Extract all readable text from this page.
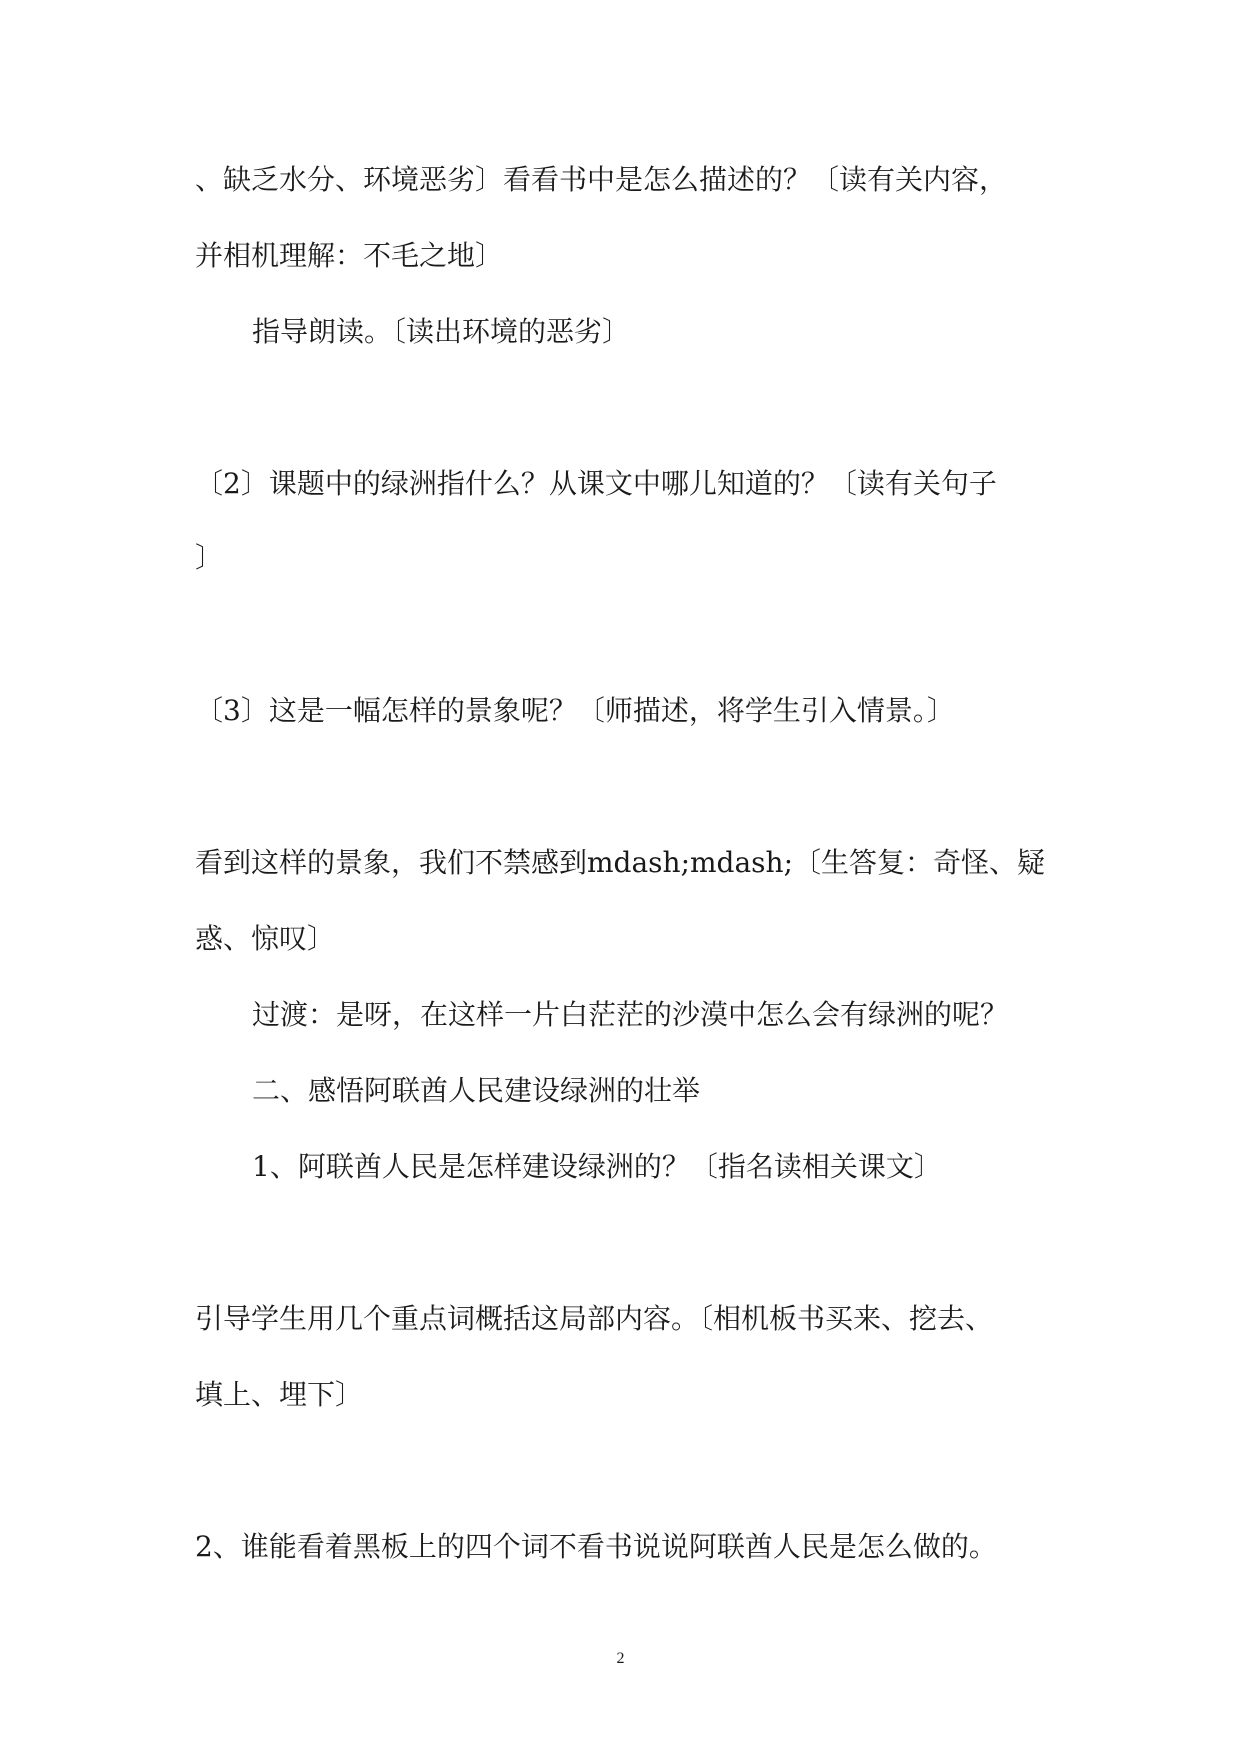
、缺乏水分、环境恶劣〕看看书中是怎么描述的？〔读有关内容，
并相机理解：不毛之地〕
指导朗读。〔读出环境的恶劣〕
〔2〕课题中的绿洲指什么？从课文中哪儿知道的？〔读有关句子
〕
〔3〕这是一幅怎样的景象呢？〔师描述，将学生引入情景。〕
看到这样的景象，我们不禁感到mdash;mdash;〔生答复：奇怪、疑
惑、惊叹〕
过渡：是呀，在这样一片白茫茫的沙漠中怎么会有绿洲的呢？
二、感悟阿联酋人民建设绿洲的壮举
1、阿联酋人民是怎样建设绿洲的？〔指名读相关课文〕
引导学生用几个重点词概括这局部内容。〔相机板书买来、挖去、
填上、埋下〕
2、谁能看着黑板上的四个词不看书说说阿联酋人民是怎么做的。
2
